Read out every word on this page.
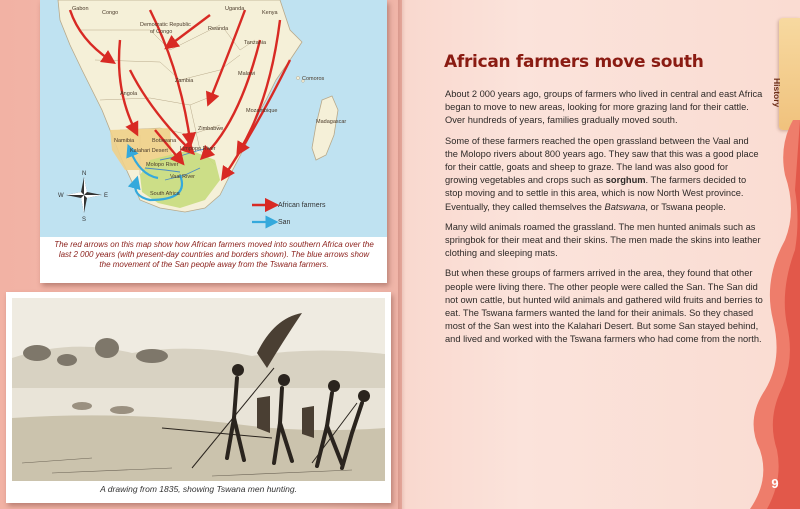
Gabon
Congo
Democratic Republic
of Congo
Uganda
Kenya
Rwanda
Tanzania
Angola
Zambia
Malawi
Comoros
Mozambique
Zimbabwe
Madagascar
Namibia	Botswana
Kalahari Desert Limpopo River
Molopo River
Vaal River
South Africa
N
S
E
W
African farmers
San
The red arrows on this map show how African farmers moved into southern Africa over the last 2 000 years (with present-day countries and borders shown). The blue arrows show the movement of the San people away from the Tswana farmers.
A drawing from 1835, showing Tswana men hunting.
African farmers move south

About 2 000 years ago, groups of farmers who lived in central and east Africa began to move to new areas, looking for more grazing land for their cattle. Over hundreds of years, families gradually moved south.

Some of these farmers reached the open grassland between the Vaal and the Molopo rivers about 800 years ago. They saw that this was a good place for their cattle, goats and sheep to graze. The land was also good for growing vegetables and crops such as sorghum. The farmers decided to stop moving and to settle in this area, which is now North West province. Eventually, they called themselves the Batswana, or Tswana people.

Many wild animals roamed the grassland. The men hunted animals such as springbok for their meat and their skins. The men made the skins into leather clothing and sleeping mats.

But when these groups of farmers arrived in the area, they found that other people were living there. The other people were called the San. The San did not own cattle, but hunted wild animals and gathered wild fruits and berries to eat. The Tswana farmers wanted the land for their animals. So they chased most of the San west into the Kalahari Desert. But some San stayed behind, and lived and worked with the Tswana farmers who had come from the north.

History
9
